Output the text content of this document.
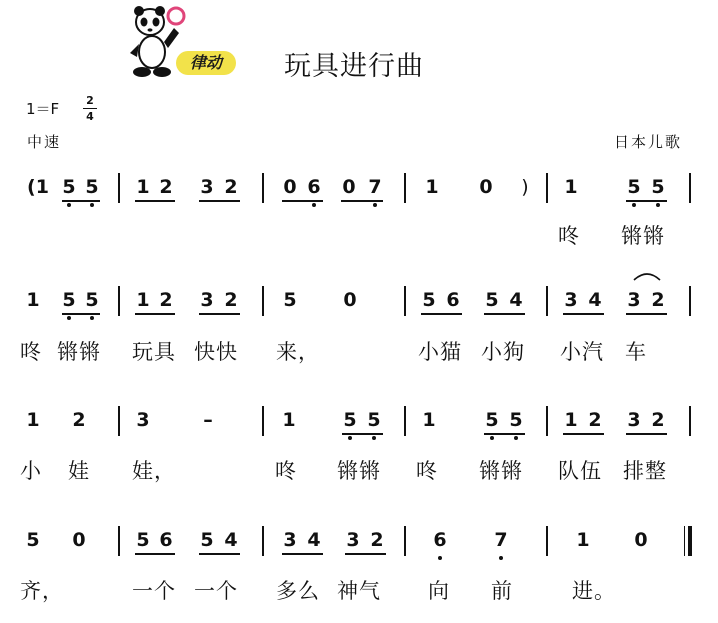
律动	玩具进行曲
1＝F 2
4
中速	日本儿歌
(1 5 5 1 2 3 2 0 6 0 7 1 0 ) 1	5 5
咚 锵锵
1 5 5 1 2 3 2 5 0	5 6 5 4 3 4 3 2
咚 锵锵 玩具 快快 来，	小猫 小狗 小汽 车
1 2	3	–	1	5 5 1	5 5 1 2 3 2
小 娃 娃，	咚 锵锵 咚 锵锵 队伍 排整
5 0	5 6 5 4 3 4 3 2	6	7	1 0
齐，	一个 一个 多么 神气 向 前	进。
